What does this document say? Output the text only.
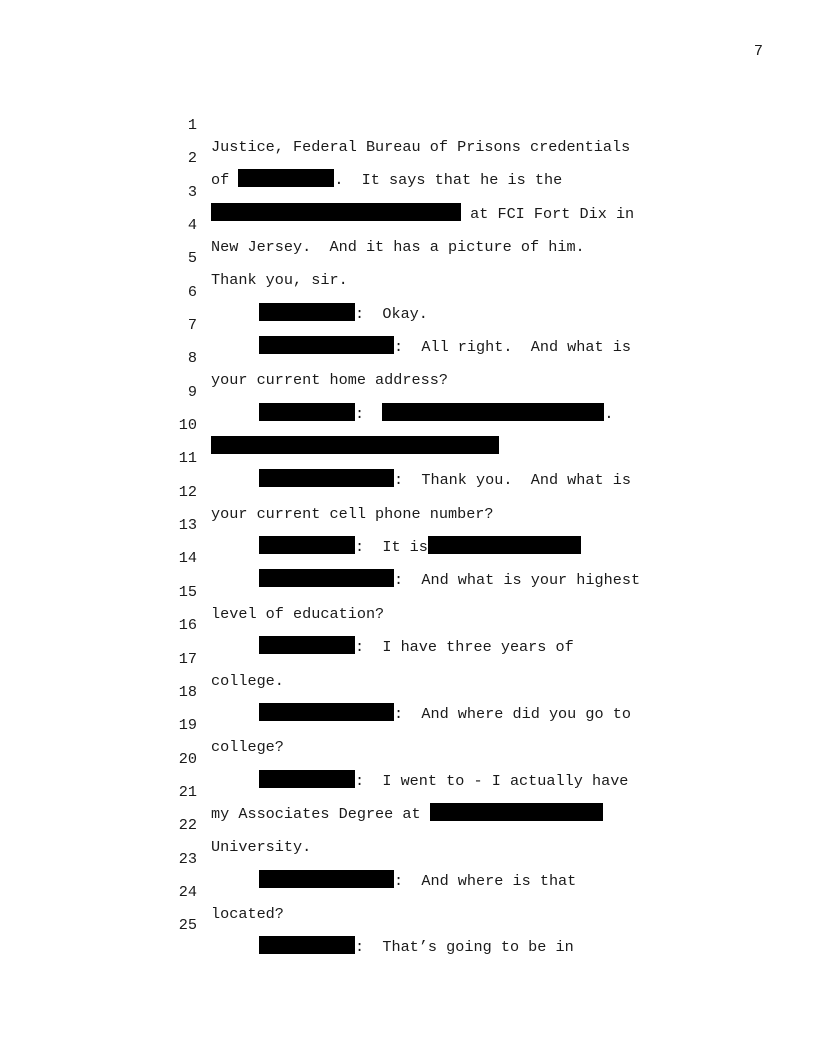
7

1

Justice, Federal Bureau of Prisons credentials

2

of	.  It says that he is the

3

at FCI Fort Dix in

4

New Jersey.  And it has a picture of him.

5

Thank you, sir.

6

:  Okay.

7

:  All right.  And what is

8

your current home address?

9

:	.

10

11

:  Thank you.  And what is

12

your current cell phone number?

13

:  It is

14

:  And what is your highest

15

level of education?

16

:  I have three years of

17

college.

18

:  And where did you go to

19

college?

20

:  I went to - I actually have

21

my Associates Degree at

22

University.

23

:  And where is that

24

located?

25

:  That’s going to be in
